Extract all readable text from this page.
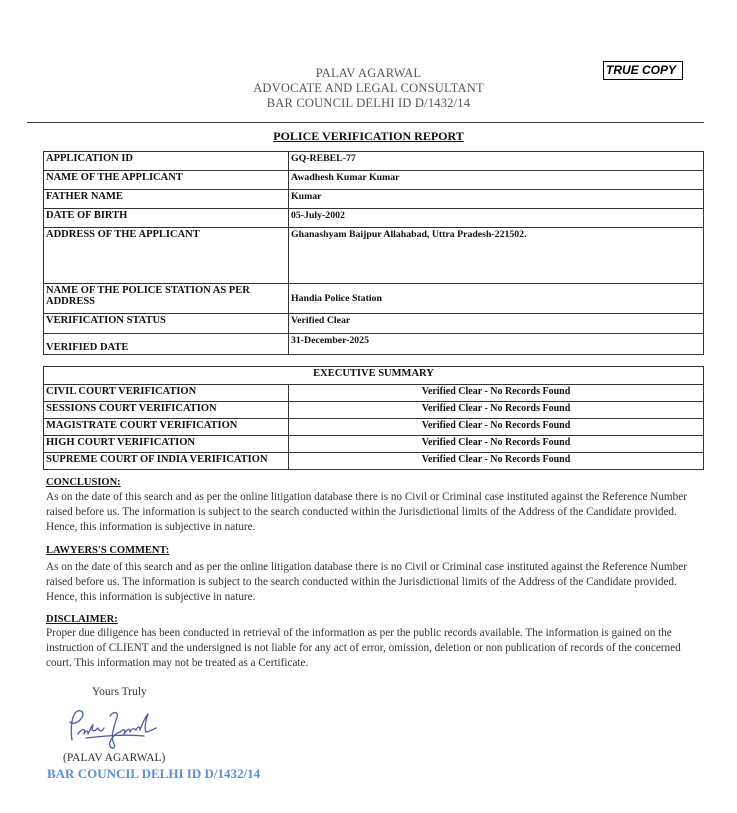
PALAV AGARWAL
ADVOCATE AND LEGAL CONSULTANT
BAR COUNCIL DELHI ID D/1432/14
TRUE COPY
POLICE VERIFICATION REPORT
APPLICATION ID	GQ-REBEL-77
NAME OF THE APPLICANT	Awadhesh Kumar Kumar
FATHER NAME	Kumar
DATE OF BIRTH	05-July-2002
ADDRESS OF THE APPLICANT	Ghanashyam Baijpur Allahabad, Uttra Pradesh-221502.
NAME OF THE POLICE STATION AS PER ADDRESS	Handia Police Station
VERIFICATION STATUS	Verified Clear
VERIFIED DATE	31-December-2025
EXECUTIVE SUMMARY	
CIVIL COURT VERIFICATION	Verified Clear - No Records Found
SESSIONS COURT VERIFICATION	Verified Clear - No Records Found
MAGISTRATE COURT VERIFICATION	Verified Clear - No Records Found
HIGH COURT VERIFICATION	Verified Clear - No Records Found
SUPREME COURT OF INDIA VERIFICATION	Verified Clear - No Records Found
CONCLUSION:
As on the date of this search and as per the online litigation database there is no Civil or Criminal case instituted against the Reference Number raised before us. The information is subject to the search conducted within the Jurisdictional limits of the Address of the Candidate provided. Hence, this information is subjective in nature.
LAWYERS'S COMMENT:
As on the date of this search and as per the online litigation database there is no Civil or Criminal case instituted against the Reference Number raised before us. The information is subject to the search conducted within the Jurisdictional limits of the Address of the Candidate provided. Hence, this information is subjective in nature.
DISCLAIMER:
Proper due diligence has been conducted in retrieval of the information as per the public records available. The information is gained on the instruction of CLIENT and the undersigned is not liable for any act of error, omission, deletion or non publication of records of the concerned court. This information may not be treated as a Certificate.
Yours Truly
(PALAV AGARWAL)
BAR COUNCIL DELHI ID D/1432/14
